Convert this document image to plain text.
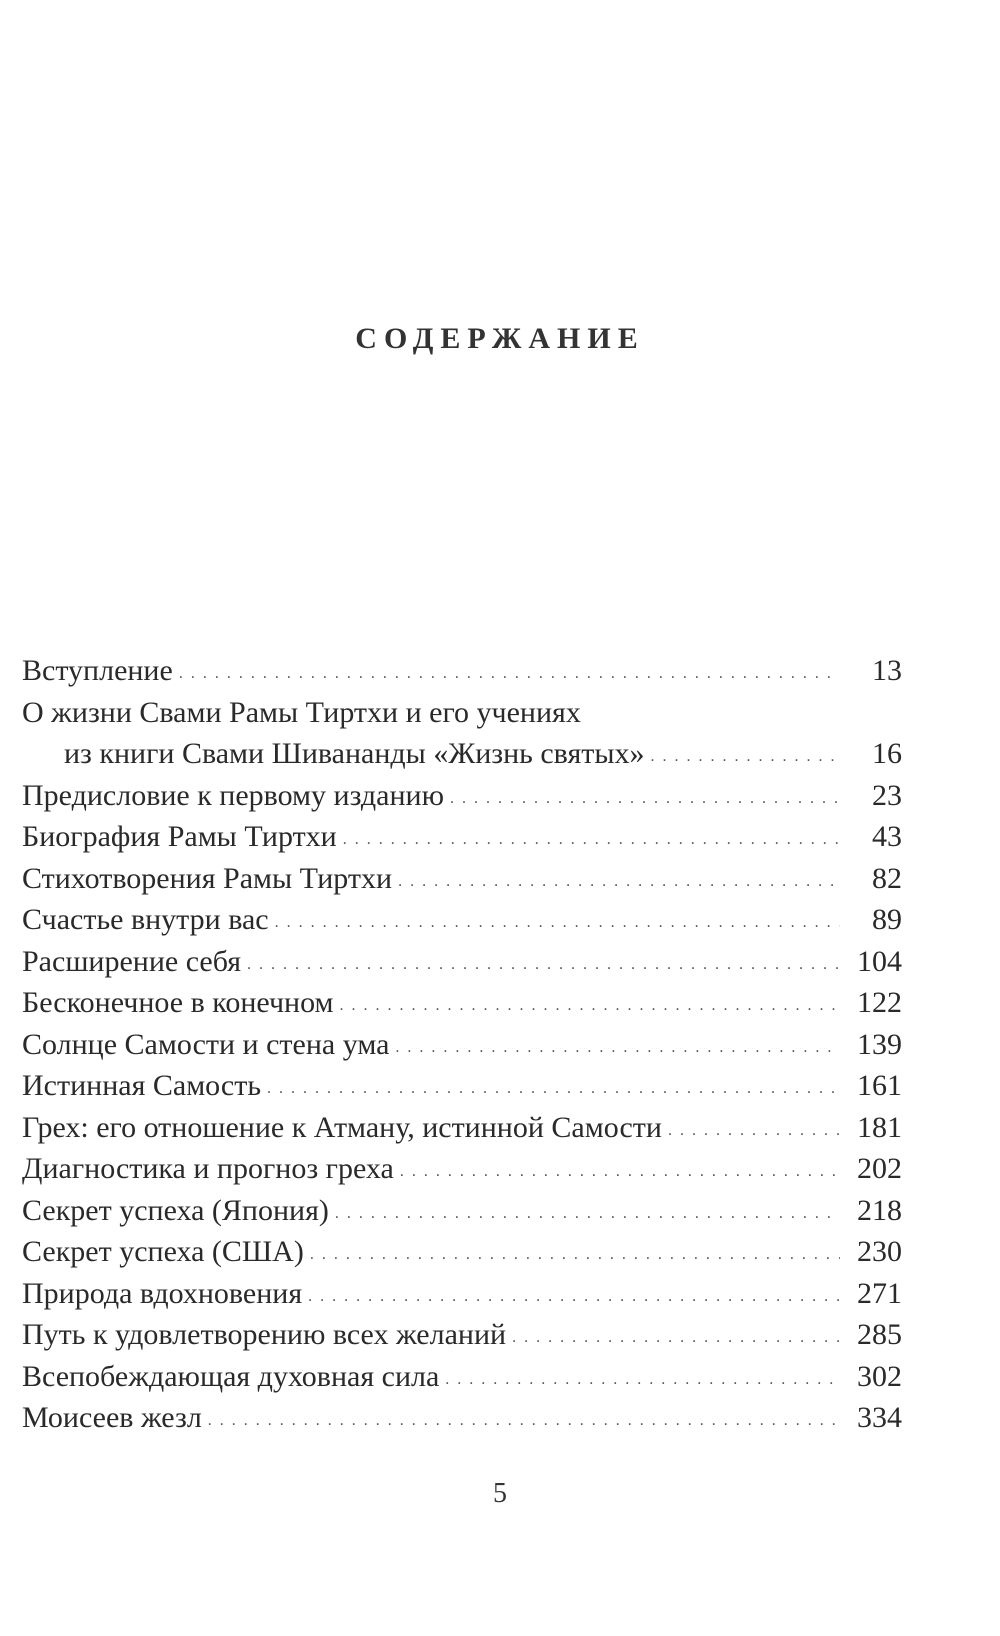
СОДЕРЖАНИЕ
Вступление . . .	13
О жизни Свами Рамы Тиртхи и его учениях
из книги Свами Шивананды «Жизнь святых» . . .	16
Предисловие к первому изданию . . .	23
Биография Рамы Тиртхи . . .	43
Стихотворения Рамы Тиртхи . . .	82
Счастье внутри вас . . .	89
Расширение себя . . .	104
Бесконечное в конечном . . .	122
Солнце Самости и стена ума . . .	139
Истинная Самость . . .	161
Грех: его отношение к Атману, истинной Самости . . .	181
Диагностика и прогноз греха . . .	202
Секрет успеха (Япония) . . .	218
Секрет успеха (США) . . .	230
Природа вдохновения . . .	271
Путь к удовлетворению всех желаний . . .	285
Всепобеждающая духовная сила . . .	302
Моисеев жезл . . .	334
5
